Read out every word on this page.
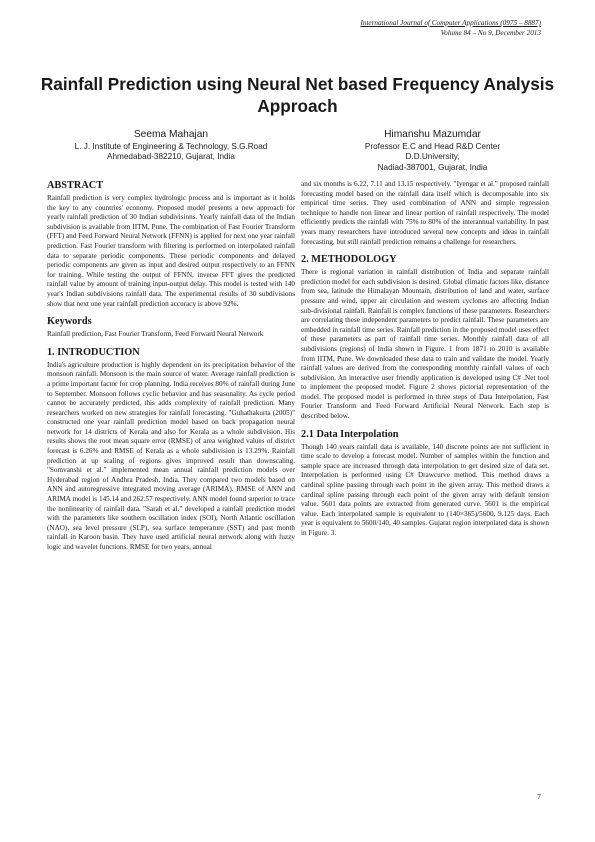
International Journal of Computer Applications (0975 – 8887)
Volume 84 – No 9, December 2013
Rainfall Prediction using Neural Net based Frequency Analysis Approach
Seema Mahajan
L. J. Institute of Engineering & Technology, S.G.Road
Ahmedabad-382210, Gujarat, India
Himanshu Mazumdar
Professor E.C and Head R&D Center
D.D.University,
Nadiad-387001, Gujarat, India
ABSTRACT

Rainfall prediction is very complex hydrologic process and is important as it holds the key to any countries' economy. Proposed model presents a new approach for yearly rainfall prediction of 30 Indian subdivisions. Yearly rainfall data of the Indian subdivision is available from IITM, Pune. The combination of Fast Fourier Transform (FFT) and Feed Forward Neural Network (FFNN) is applied for next one year rainfall prediction. Fast Fourier transform with filtering is performed on interpolated rainfall data to separate periodic components. These periodic components and delayed periodic components are given as input and desired output respectively to an FFNN for training. While testing the output of FFNN, inverse FFT gives the predicted rainfall value by amount of training input-output delay. This model is tested with 140 year's Indian subdivisions rainfall data. The experimental results of 30 subdivisions show that next one year rainfall prediction accuracy is above 92%.

Keywords

Rainfall prediction, Fast Fourier Transform, Feed Forward Neural Network

1. INTRODUCTION

India's agriculture production is highly dependent on its precipitation behavior of the monsoon rainfall. Monsoon is the main source of water. Average rainfall prediction is a prime important factor for crop planning. India receives 80% of rainfall during June to September. Monsoon follows cyclic behavior and has seasonality. As cycle period cannot be accurately predicted, this adds complexity of rainfall prediction. Many researchers worked on new strategies for rainfall forecasting. "Guhathakurta (2005)" constructed one year rainfall prediction model based on back propagation neural network for 14 districts of Kerala and also for Kerala as a whole subdivision. His results shows the root mean square error (RMSE) of area weighted values of district forecast is 6.26% and RMSE of Kerala as a whole subdivision is 13.29%. Rainfall prediction at up scaling of regions gives improved result than downscaling. "Somvanshi et al." implemented mean annual rainfall prediction models over Hyderabad region of Andhra Pradesh, India. They compared two models based on ANN and autoregressive integrated moving average (ARIMA). RMSE of ANN and ARIMA model is 145.14 and 262.57 respectively. ANN model found superior to trace the nonlinearity of rainfall data. "Sarah et al." developed a rainfall prediction model with the parameters like southern oscillation index (SOI), North Atlantic oscillation (NAO), sea level pressure (SLP), sea surface temperature (SST) and past month rainfall in Karoon basin. They have used artificial neural network along with fuzzy logic and wavelet functions. RMSE for two years, annual

and six months is 6.22, 7.11 and 13.15 respectively. "Iyengar et al." proposed rainfall forecasting model based on the rainfall data itself which is decomposable into six empirical time series. They used combination of ANN and simple regression technique to handle non linear and linear portion of rainfall respectively. The model efficiently predicts the rainfall with 75% to 80% of the interannual variability. In past years many researchers have introduced several new concepts and ideas in rainfall forecasting, but still rainfall prediction remains a challenge for researchers.

2. METHODOLOGY

There is regional variation in rainfall distribution of India and separate rainfall prediction model for each subdivision is desired. Global climatic factors like, distance from sea, latitude the Himalayan Mountain, distribution of land and water, surface pressure and wind, upper air circulation and western cyclones are affecting Indian sub-divisional rainfall. Rainfall is complex functions of these parameters. Researchers are correlating these independent parameters to predict rainfall. These parameters are embedded in rainfall time series. Rainfall prediction in the proposed model uses effect of these parameters as part of rainfall time series. Monthly rainfall data of all subdivisions (regions) of India shown in Figure. 1 from 1871 to 2010 is available from IITM, Pune. We downloaded these data to train and validate the model. Yearly rainfall values are derived from the corresponding monthly rainfall values of each subdivision. An interactive user friendly application is developed using C# .Net tool to implement the proposed model. Figure 2 shows pictorial representation of the model. The proposed model is performed in three steps of Data Interpolation, Fast Fourier Transform and Feed Forward Artificial Neural Network. Each step is described below.

2.1 Data Interpolation

Though 140 years rainfall data is available, 140 discrete points are not sufficient in time scale to develop a forecast model. Number of samples within the function and sample space are increased through data interpolation to get desired size of data set. Interpolation is performed using C# Drawcurve method. This method draws a cardinal spline passing through each point in the given array. This method draws a cardinal spline passing through each point of the given array with default tension value. 5601 data points are extracted from generated curve. 5601 is the empirical value. Each interpolated sample is equivalent to (140×365)/5600, 9.125 days. Each year is equivalent to 5600/140, 40 samples. Gujarat region interpolated data is shown in Figure. 3.

7
